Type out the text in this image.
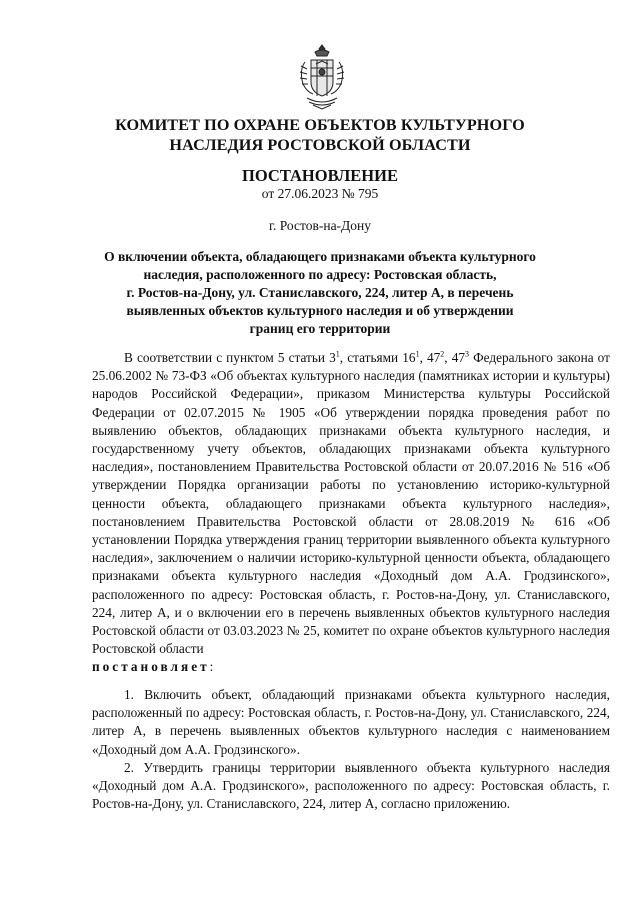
КОМИТЕТ ПО ОХРАНЕ ОБЪЕКТОВ КУЛЬТУРНОГО
НАСЛЕДИЯ РОСТОВСКОЙ ОБЛАСТИ
ПОСТАНОВЛЕНИЕ
от 27.06.2023 № 795
г. Ростов-на-Дону
О включении объекта, обладающего признаками объекта культурного
наследия, расположенного по адресу: Ростовская область,
г. Ростов-на-Дону, ул. Станиславского, 224, литер А, в перечень
выявленных объектов культурного наследия и об утверждении
границ его территории

В соответствии с пунктом 5 статьи $3^1$, статьями $16^1$, $47^2$, $47^3$ Федерального закона от 25.06.2002 № 73-ФЗ «Об объектах культурного наследия (памятниках истории и культуры) народов Российской Федерации», приказом Министерства культуры Российской Федерации от 02.07.2015 № 1905 «Об утверждении порядка проведения работ по выявлению объектов, обладающих признаками объекта культурного наследия, и государственному учету объектов, обладающих признаками объекта культурного наследия», постановлением Правительства Ростовской области от 20.07.2016 № 516 «Об утверждении Порядка организации работы по установлению историко-культурной ценности объекта, обладающего признаками объекта культурного наследия», постановлением Правительства Ростовской области от 28.08.2019 № 616 «Об установлении Порядка утверждения границ территории выявленного объекта культурного наследия», заключением о наличии историко-культурной ценности объекта, обладающего признаками объекта культурного наследия «Доходный дом А.А. Гродзинского», расположенного по адресу: Ростовская область, г. Ростов-на-Дону, ул. Станиславского, 224, литер А, и о включении его в перечень выявленных объектов культурного наследия Ростовской области от 03.03.2023 № 25, комитет по охране объектов культурного наследия Ростовской области
постановляет:

1. Включить объект, обладающий признаками объекта культурного наследия, расположенный по адресу: Ростовская область, г. Ростов-на-Дону, ул. Станиславского, 224, литер А, в перечень выявленных объектов культурного наследия с наименованием «Доходный дом А.А. Гродзинского».

2. Утвердить границы территории выявленного объекта культурного наследия «Доходный дом А.А. Гродзинского», расположенного по адресу: Ростовская область, г. Ростов-на-Дону, ул. Станиславского, 224, литер А, согласно приложению.
